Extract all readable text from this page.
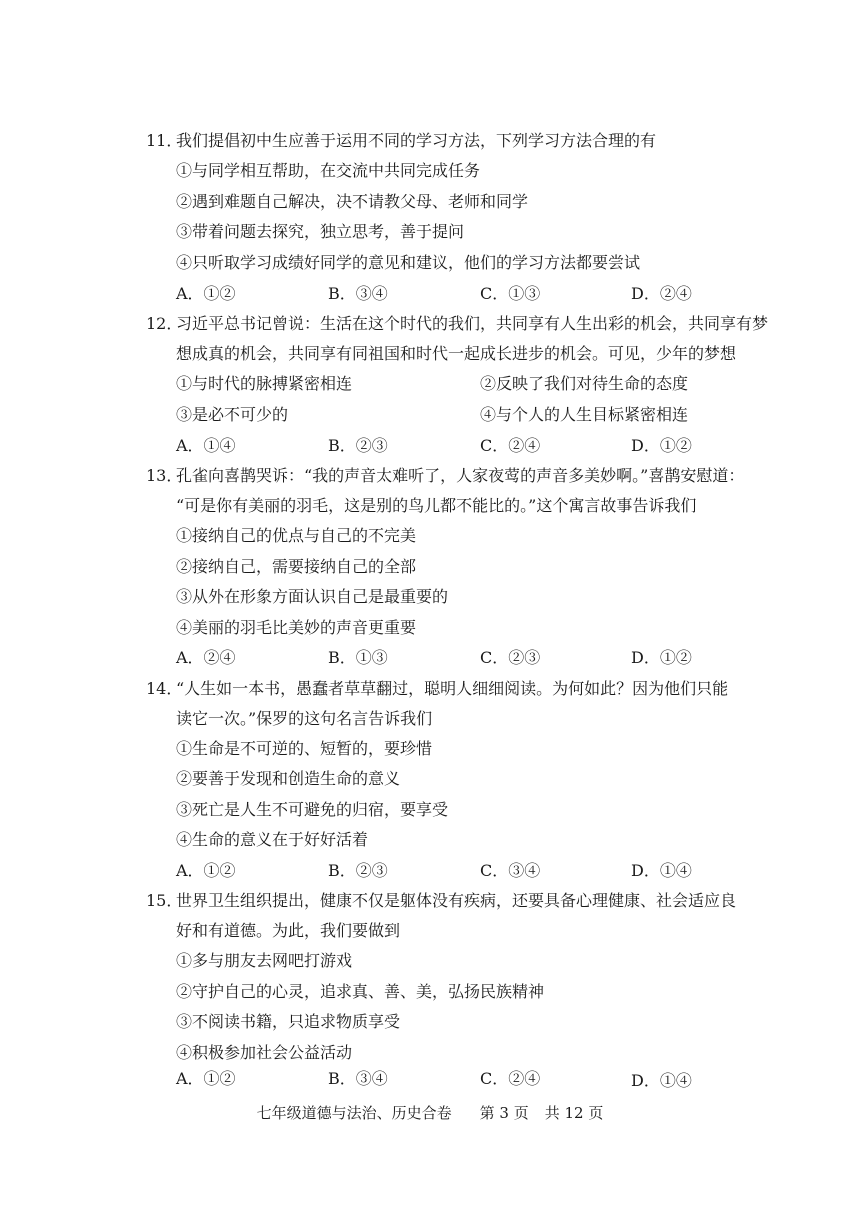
11．
我们提倡初中生应善于运用不同的学习方法，下列学习方法合理的有
①与同学相互帮助，在交流中共同完成任务
②遇到难题自己解决，决不请教父母、老师和同学
③带着问题去探究，独立思考，善于提问
④只听取学习成绩好同学的意见和建议，他们的学习方法都要尝试
A．①②	B．③④	C．①③	D．②④
12．
习近平总书记曾说：生活在这个时代的我们，共同享有人生出彩的机会，共同享有梦
想成真的机会，共同享有同祖国和时代一起成长进步的机会。可见，少年的梦想
①与时代的脉搏紧密相连	②反映了我们对待生命的态度
③是必不可少的	④与个人的人生目标紧密相连
A．①④	B．②③	C．②④	D．①②
13．
孔雀向喜鹊哭诉：“我的声音太难听了，人家夜莺的声音多美妙啊。”喜鹊安慰道：
“可是你有美丽的羽毛，这是别的鸟儿都不能比的。”这个寓言故事告诉我们
①接纳自己的优点与自己的不完美
②接纳自己，需要接纳自己的全部
③从外在形象方面认识自己是最重要的
④美丽的羽毛比美妙的声音更重要
A．②④	B．①③	C．②③	D．①②
14．
“人生如一本书，愚蠢者草草翻过，聪明人细细阅读。为何如此？因为他们只能
读它一次。”保罗的这句名言告诉我们
①生命是不可逆的、短暂的，要珍惜
②要善于发现和创造生命的意义
③死亡是人生不可避免的归宿，要享受
④生命的意义在于好好活着
A．①②	B．②③	C．③④	D．①④
15．
世界卫生组织提出，健康不仅是躯体没有疾病，还要具备心理健康、社会适应良
好和有道德。为此，我们要做到
①多与朋友去网吧打游戏
②守护自己的心灵，追求真、善、美，弘扬民族精神
③不阅读书籍，只追求物质享受
④积极参加社会公益活动
A．①②	B．③④	C．②④	D．①④
七年级道德与法治、历史合卷 第 3 页 共 12 页
